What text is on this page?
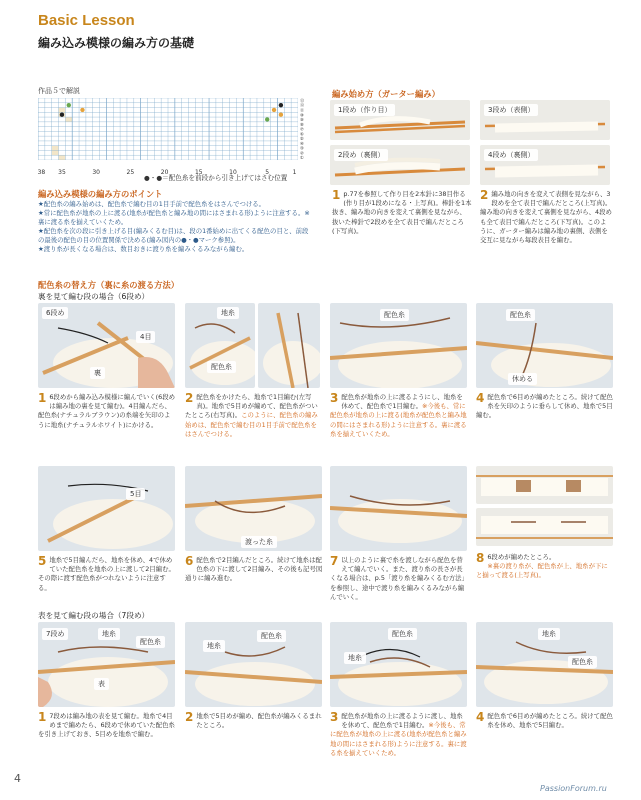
Basic Lesson
編み込み模様の編み方の基礎
作品５で解説
⑬
⑫
⑪
⑩
⑨
⑧
⑦
⑥
⑤
④
③
②
①
38 35	30	25	20	15	10	5	1
●・●＝配色糸を前段から引き上げてはさむ位置
編み込み模様の編み方のポイント
★配色糸の編み始めは、配色糸で編む目の1目手前で配色糸をはさんでつける。
★常に配色糸が地糸の上に渡る(地糸が配色糸と編み地の間にはさまれる形)ように注意する。※裏に渡る糸を揃えていくため。
★配色糸を次の段に引き上げる目(編みくるむ目)は、段の1番始めに出てくる配色の目と、前段の最後の配色の目の位置関係で決める(編み図内の●・●マーク参照)。
★渡り糸が長くなる場合は、数目おきに渡り糸を編みくるみながら編む。
編み始め方（ガーター編み）
1段め（作り目）
2段め（裏側）
3段め（表側）
4段め（裏側）
1 p.77を参照して作り目を2本針に38目作る(作り目が1段めになる・上写真)。棒針を1本抜き、編み地の向きを変えて裏側を見ながら、抜いた棒針で2段めを全て表目で編んだところ(下写真)。
2 編み地の向きを変えて表側を見ながら、3段めを全て表目で編んだところ(上写真)。編み地の向きを変えて裏側を見ながら、4段めも全て表目で編んだところ(下写真)。このように、ガーター編みは編み地の裏側、表側を交互に見ながら毎段表目を編む。
配色糸の替え方（裏に糸の渡る方法）
裏を見て編む段の場合（6段め）
6段め
4目
裏
地糸
配色糸
配色糸	配色糸
休める
1 6段めから編み込み模様に編んでいく(6段めは編み地の裏を見て編む)。4目編んだら、配色糸(ナチュラルブラウン)の糸端を矢印のように地糸(ナチュラルホワイト)にかける。
2 配色糸をかけたら、地糸で1目編む(左写真)。地糸で5目めが編めて、配色糸がついたところ(右写真)。このように、配色糸の編み始めは、配色糸で編む目の1目手前で配色糸をはさんでつける。
3 配色糸が地糸の上に渡るようにし、地糸を休めて、配色糸で1目編む。※今後も、常に配色糸が地糸の上に渡る(地糸が配色糸と編み地の間にはさまれる形)ように注意する。裏に渡る糸を揃えていくため。
4 配色糸で6目めが編めたところ。続けて配色糸を矢印のように垂らして休め、地糸で5目編む。
5目
渡った糸
5 地糸で5目編んだら、地糸を休め、4で休めていた配色糸を地糸の上に渡して2目編む。その際に渡す配色糸がつれないように注意する。
6 配色糸で2目編んだところ。続けて地糸は配色糸の下に渡して2目編み、その後も記号図通りに編み進む。
7 以上のように裏で糸を渡しながら配色を替えて編んでいく。また、渡り糸の長さが長くなる場合は、p.5「渡り糸を編みくるむ方法」を参照し、途中で渡り糸を編みくるみながら編んでいく。
8 6段めが編めたところ。
※裏の渡り糸が、配色糸が上、地糸が下にと揃って渡る(上写真)。
表を見て編む段の場合（7段め）
7段め	地糸
配色糸
表
地糸
配色糸
地糸
配色糸	地糸
配色糸
1 7段めは編み地の表を見て編む。地糸で4目めまで編めたら、6段めで休めていた配色糸を引き上げておき、5目めを地糸で編む。
2 地糸で5目めが編め、配色糸が編みくるまれたところ。
3 配色糸が地糸の上に渡るように渡し、地糸を休めて、配色糸で1目編む。※今後も、常に配色糸が地糸の上に渡る(地糸が配色糸と編み地の間にはさまれる形)ように注意する。裏に渡る糸を揃えていくため。
4 配色糸で6目めが編めたところ。続けて配色糸を休め、地糸で5目編む。
4
PassionForum.ru
